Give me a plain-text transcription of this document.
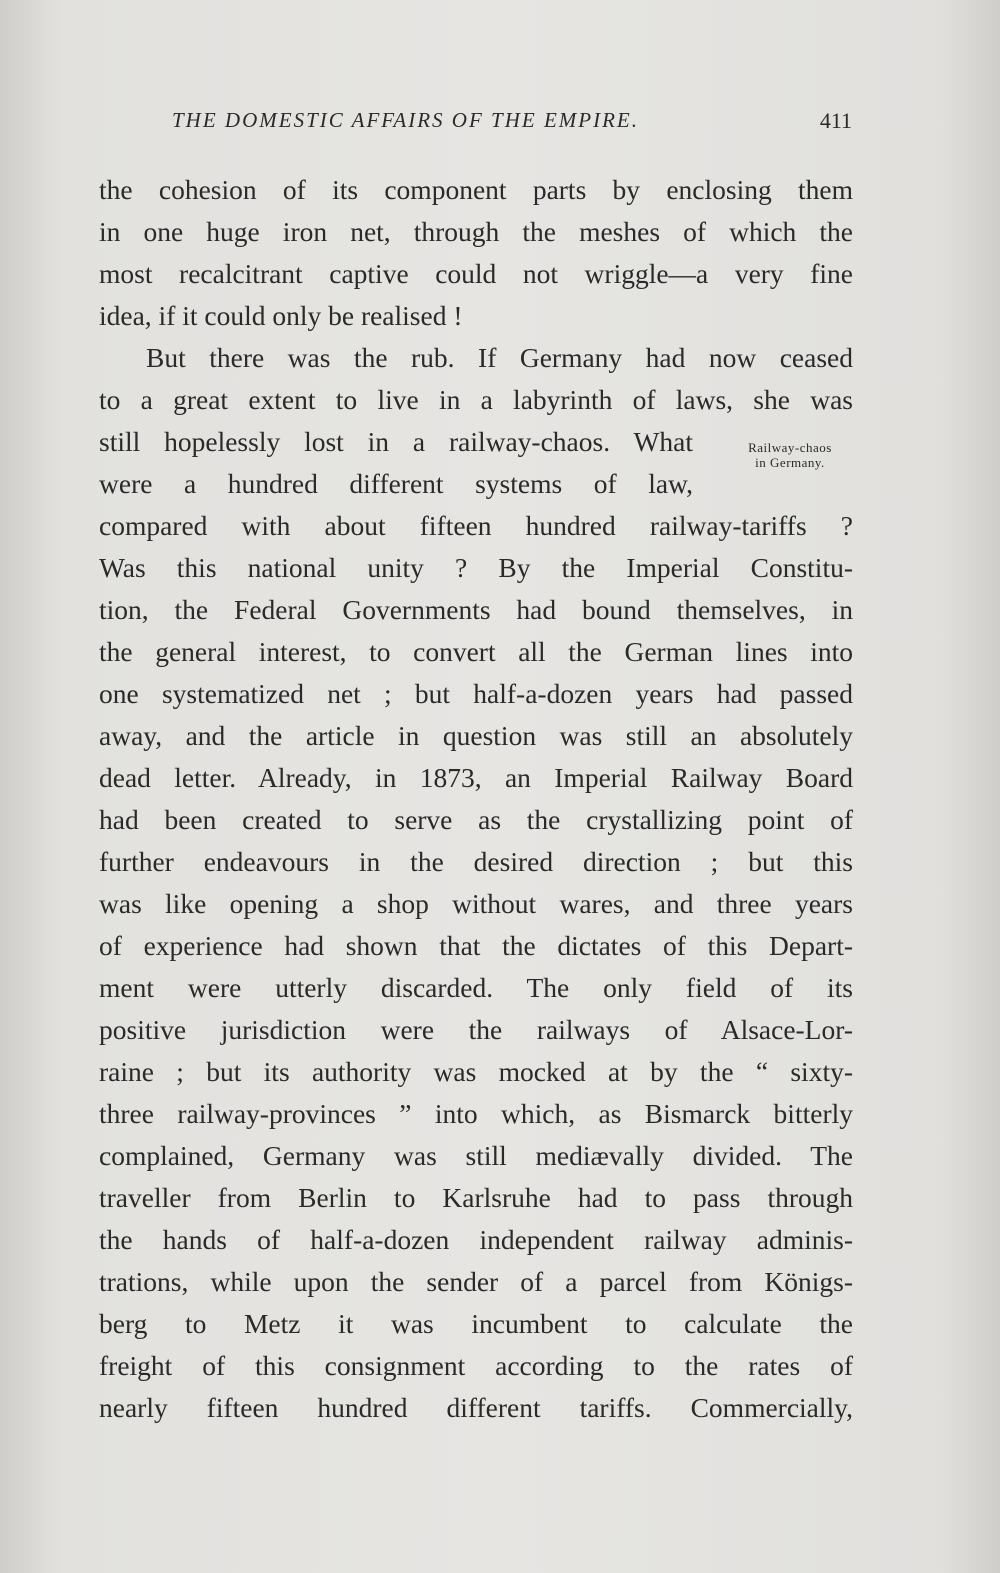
THE DOMESTIC AFFAIRS OF THE EMPIRE.	411
Railway-chaos
in Germany.
the cohesion of its component parts by enclosing them
in one huge iron net, through the meshes of which the
most recalcitrant captive could not wriggle—a very fine
idea, if it could only be realised !
But there was the rub. If Germany had now ceased
to a great extent to live in a labyrinth of laws, she was
still hopelessly lost in a railway-chaos. What
were a hundred different systems of law,
compared with about fifteen hundred railway-tariffs ?
Was this national unity ? By the Imperial Constitu-
tion, the Federal Governments had bound themselves, in
the general interest, to convert all the German lines into
one systematized net ; but half-a-dozen years had passed
away, and the article in question was still an absolutely
dead letter. Already, in 1873, an Imperial Railway Board
had been created to serve as the crystallizing point of
further endeavours in the desired direction ; but this
was like opening a shop without wares, and three years
of experience had shown that the dictates of this Depart-
ment were utterly discarded. The only field of its
positive jurisdiction were the railways of Alsace-Lor-
raine ; but its authority was mocked at by the “ sixty-
three railway-provinces ” into which, as Bismarck bitterly
complained, Germany was still mediævally divided. The
traveller from Berlin to Karlsruhe had to pass through
the hands of half-a-dozen independent railway adminis-
trations, while upon the sender of a parcel from Königs-
berg to Metz it was incumbent to calculate the
freight of this consignment according to the rates of
nearly fifteen hundred different tariffs. Commercially,
